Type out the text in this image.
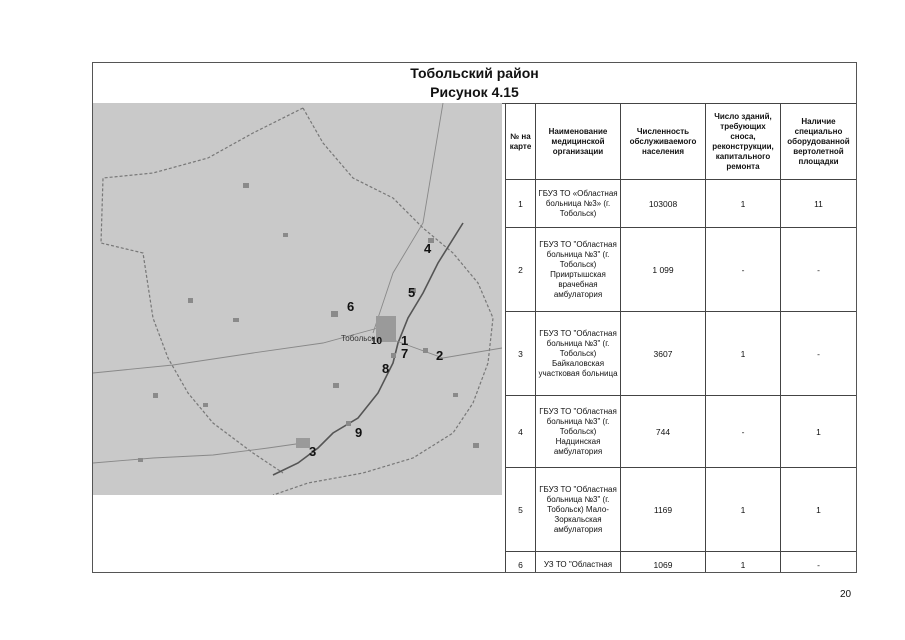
Тобольский район
Рисунок 4.15
4
5
6
10 1
7 2
8
9
3
Тобольск
№ на карте	Наименование медицинской организации	Численность обслуживаемого населения	Число зданий, требующих сноса, реконструкции, капитального ремонта	Наличие специально оборудованной вертолетной площадки
1	ГБУЗ ТО «Областная больница №3» (г. Тобольск)	103008	1	11
2	ГБУЗ ТО "Областная больница №3" (г. Тобольск) Прииртышская врачебная амбулатория	1 099	-	-
3	ГБУЗ ТО "Областная больница №3" (г. Тобольск) Байкаловская участковая больница	3607	1	-
4	ГБУЗ ТО "Областная больница №3" (г. Тобольск) Надцинская амбулатория	744	-	1
5	ГБУЗ ТО "Областная больница №3" (г. Тобольск) Мало-Зоркальская амбулатория	1169	1	1
6	УЗ ТО "Областная	1069	1	-
20
